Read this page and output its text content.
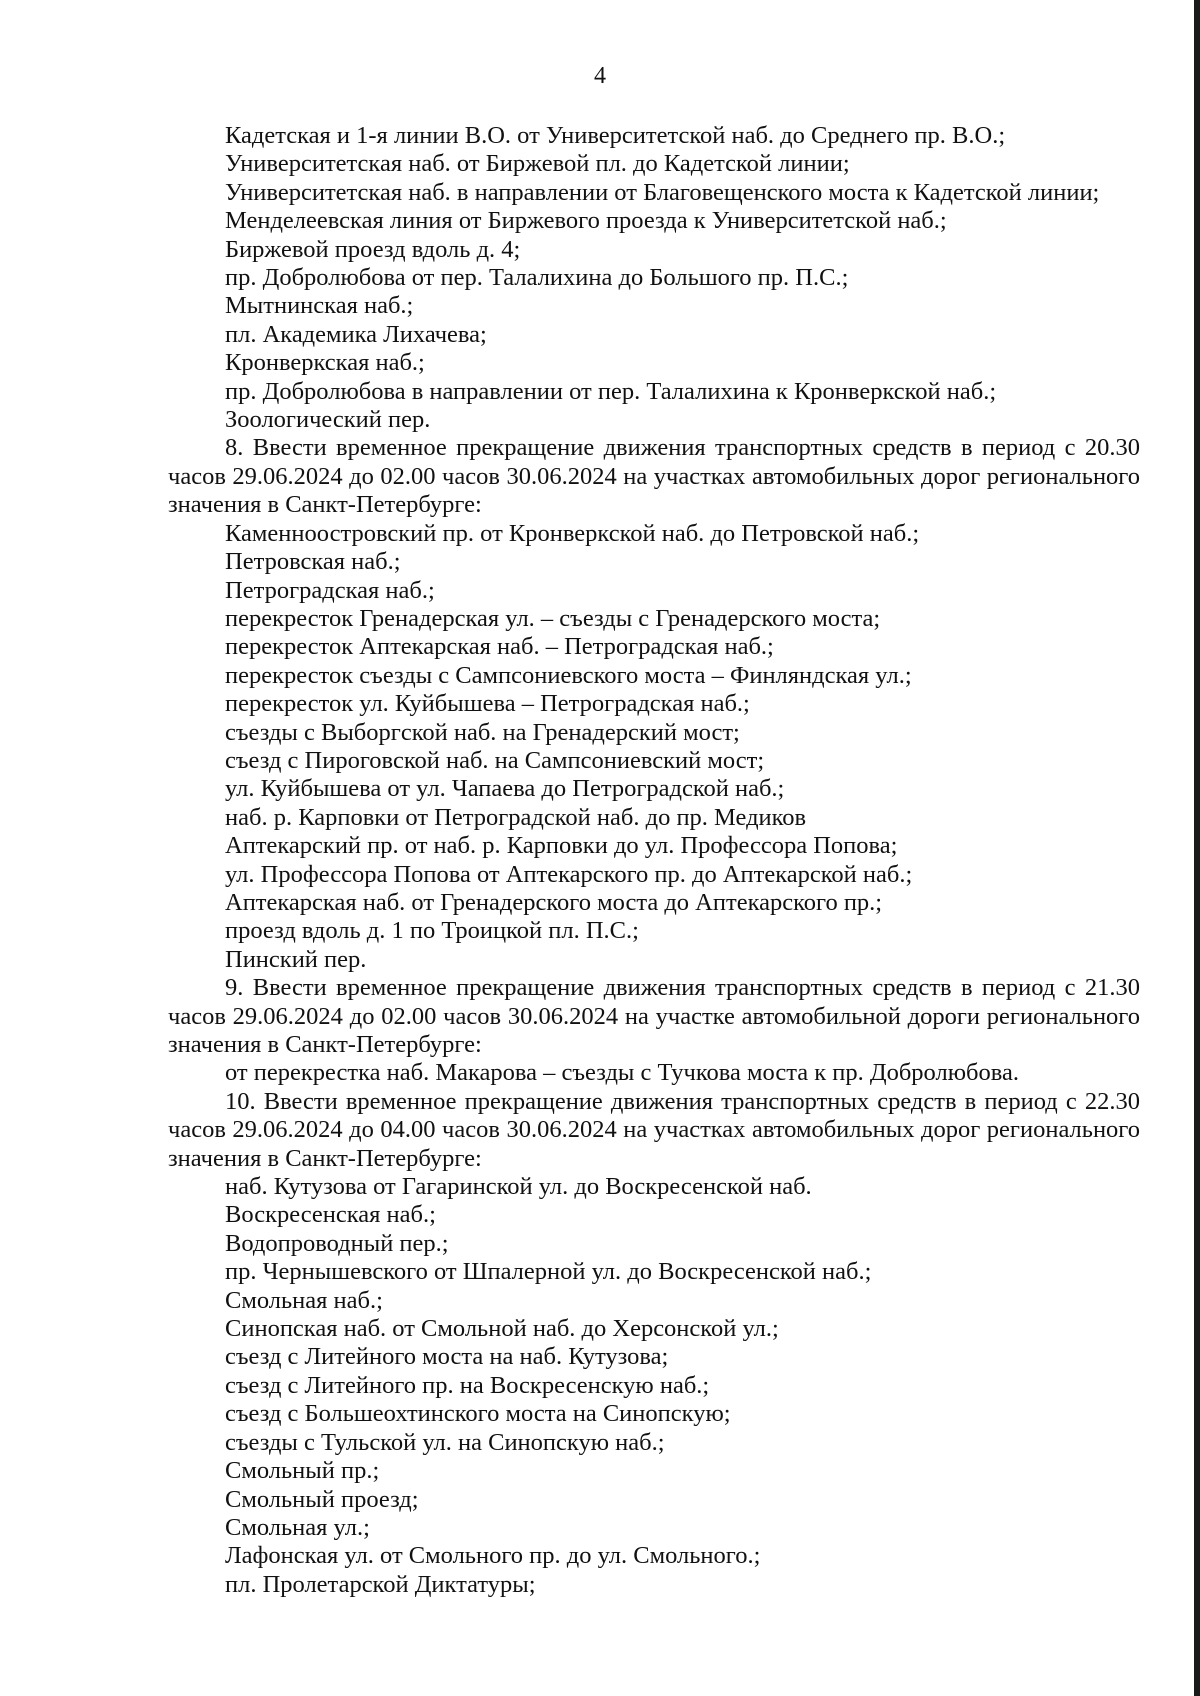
4
Кадетская и 1-я линии В.О. от Университетской наб. до Среднего пр. В.О.;
Университетская наб. от Биржевой пл. до Кадетской линии;
Университетская наб. в направлении от Благовещенского моста к Кадетской линии;
Менделеевская линия от Биржевого проезда к Университетской наб.;
Биржевой проезд вдоль д. 4;
пр. Добролюбова от пер. Талалихина до Большого пр. П.С.;
Мытнинская наб.;
пл. Академика Лихачева;
Кронверкская наб.;
пр. Добролюбова в направлении от пер. Талалихина к Кронверкской наб.;
Зоологический пер.
8. Ввести временное прекращение движения транспортных средств в период с 20.30
часов 29.06.2024 до 02.00 часов 30.06.2024 на участках автомобильных дорог регионального
значения в Санкт-Петербурге:
Каменноостровский пр. от Кронверкской наб. до Петровской наб.;
Петровская наб.;
Петроградская наб.;
перекресток Гренадерская ул. – съезды с Гренадерского моста;
перекресток Аптекарская наб. – Петроградская наб.;
перекресток съезды с Сампсониевского моста – Финляндская ул.;
перекресток ул. Куйбышева – Петроградская наб.;
съезды с Выборгской наб. на Гренадерский мост;
съезд с Пироговской наб. на Сампсониевский мост;
ул. Куйбышева от ул. Чапаева до Петроградской наб.;
наб. р. Карповки от Петроградской наб. до пр. Медиков
Аптекарский пр. от наб. р. Карповки до ул. Профессора Попова;
ул. Профессора Попова от Аптекарского пр. до Аптекарской наб.;
Аптекарская наб. от Гренадерского моста до Аптекарского пр.;
проезд вдоль д. 1 по Троицкой пл. П.С.;
Пинский пер.
9. Ввести временное прекращение движения транспортных средств в период с 21.30
часов 29.06.2024 до 02.00 часов 30.06.2024 на участке автомобильной дороги регионального
значения в Санкт-Петербурге:
от перекрестка наб. Макарова – съезды с Тучкова моста к пр. Добролюбова.
10. Ввести временное прекращение движения транспортных средств в период с 22.30
часов 29.06.2024 до 04.00 часов 30.06.2024 на участках автомобильных дорог регионального
значения в Санкт-Петербурге:
наб. Кутузова от Гагаринской ул. до Воскресенской наб.
Воскресенская наб.;
Водопроводный пер.;
пр. Чернышевского от Шпалерной ул. до Воскресенской наб.;
Смольная наб.;
Синопская наб. от Смольной наб. до Херсонской ул.;
съезд с Литейного моста на наб. Кутузова;
съезд с Литейного пр. на Воскресенскую наб.;
съезд с Большеохтинского моста на Синопскую;
съезды с Тульской ул. на Синопскую наб.;
Смольный пр.;
Смольный проезд;
Смольная ул.;
Лафонская ул. от Смольного пр. до ул. Смольного.;
пл. Пролетарской Диктатуры;
